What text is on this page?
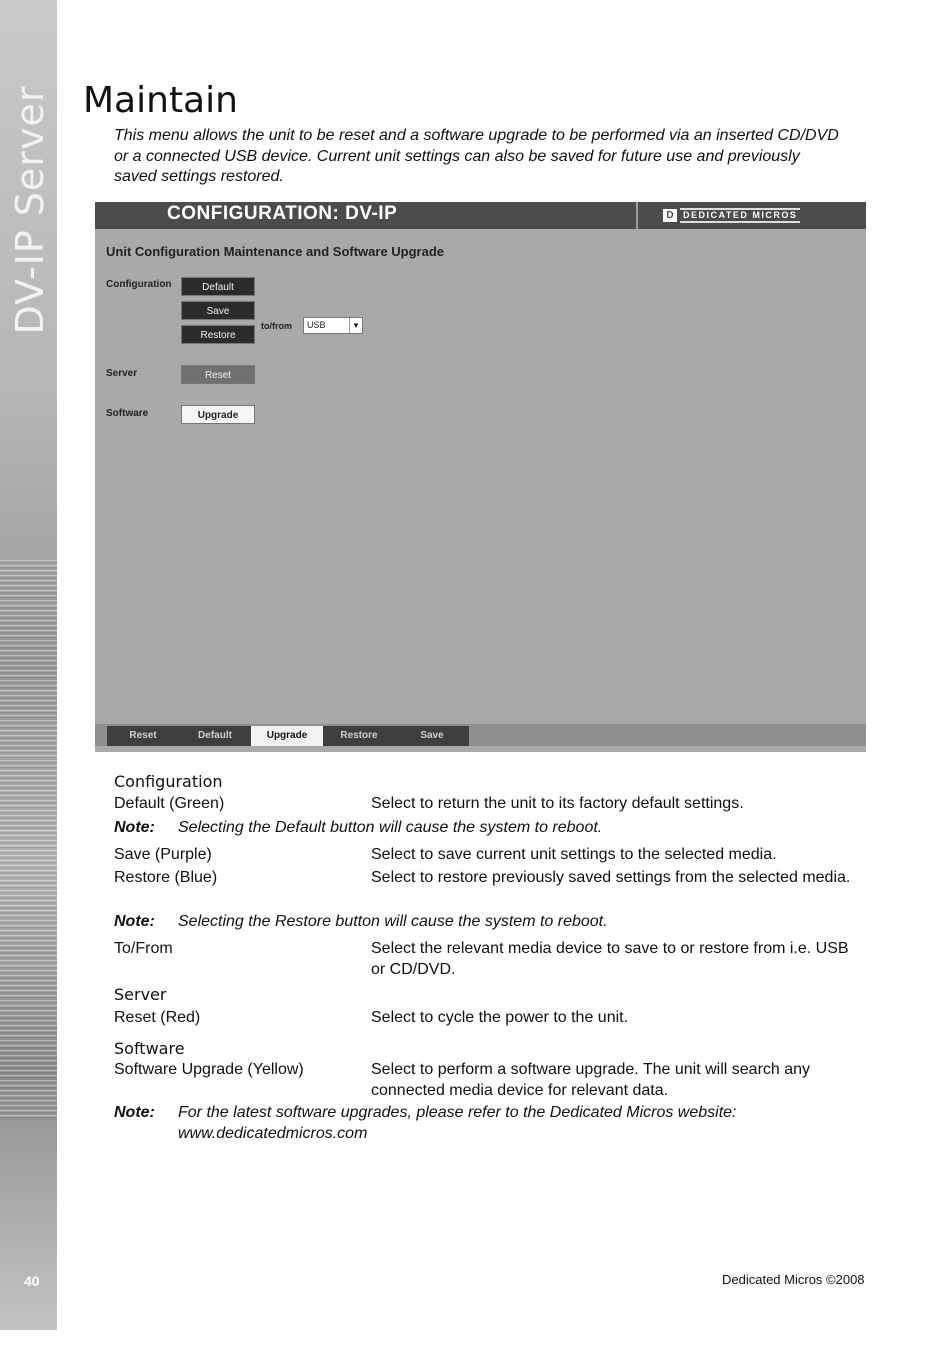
DV-IP Server
40
Maintain

This menu allows the unit to be reset and a software upgrade to be performed via an inserted CD/DVD or a connected USB device. Current unit settings can also be saved for future use and previously saved settings restored.

CONFIGURATION: DV-IP	D	DEDICATED MICROS
Unit Configuration Maintenance and Software Upgrade
Configuration	Default
Save
Restore
to/from	USB	▼
Server	Reset
Software	Upgrade
Reset	Default	Upgrade	Restore	Save
Configuration
Default (Green)	Select to return the unit to its factory default settings.
Note: Selecting the Default button will cause the system to reboot.
Save (Purple)	Select to save current unit settings to the selected media.
Restore (Blue)	Select to restore previously saved settings from the selected media.
Note: Selecting the Restore button will cause the system to reboot.
To/From	Select the relevant media device to save to or restore from i.e. USB or CD/DVD.
Server
Reset (Red)	Select to cycle the power to the unit.
Software
Software Upgrade (Yellow)	Select to perform a software upgrade. The unit will search any connected media device for relevant data.
Note: For the latest software upgrades, please refer to the Dedicated Micros website: www.dedicatedmicros.com
Dedicated Micros ©2008
